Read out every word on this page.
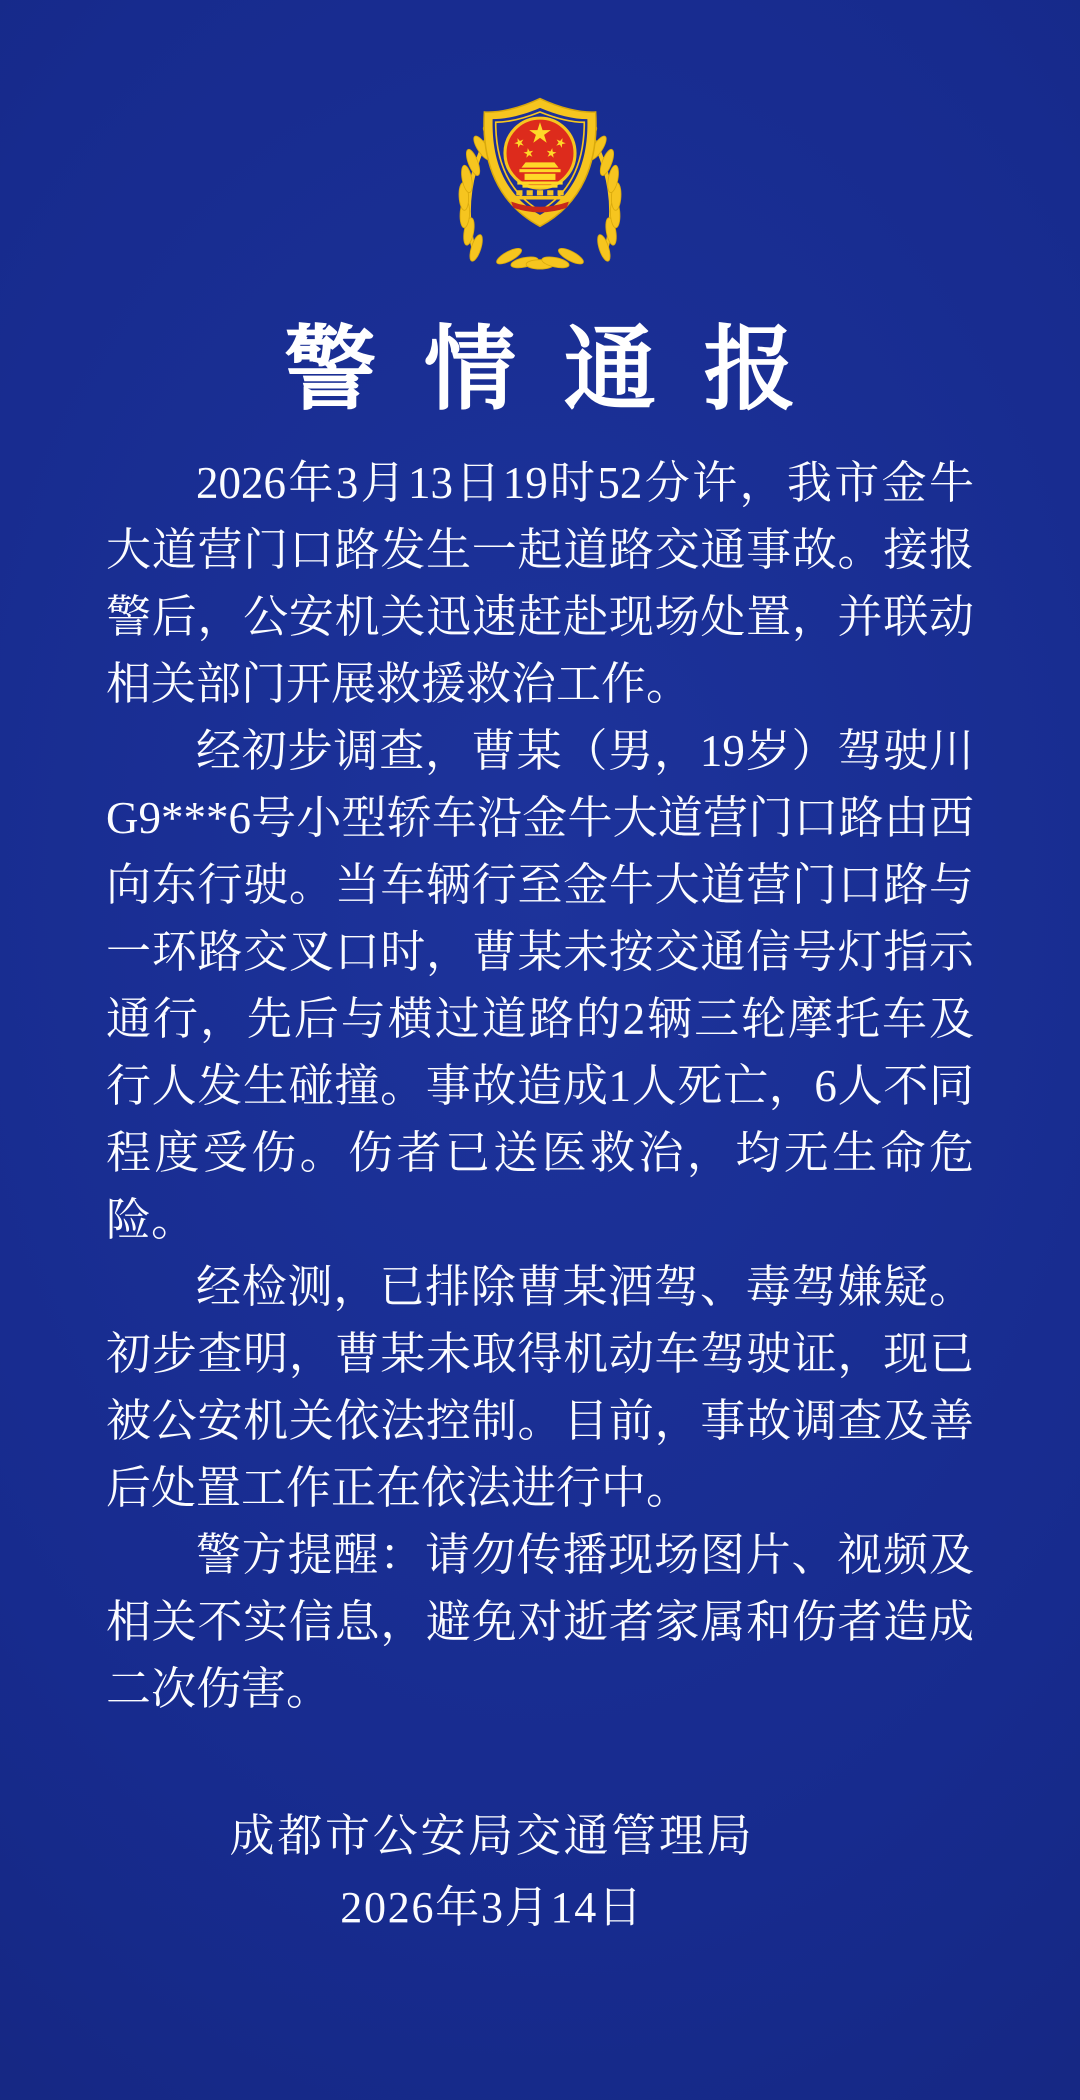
警情通报

2026年3月13日19时52分许，我市金牛大道营门口路发生一起道路交通事故。接报警后，公安机关迅速赶赴现场处置，并联动相关部门开展救援救治工作。

经初步调查，曹某（男，19岁）驾驶川G9***6号小型轿车沿金牛大道营门口路由西向东行驶。当车辆行至金牛大道营门口路与一环路交叉口时，曹某未按交通信号灯指示通行，先后与横过道路的2辆三轮摩托车及行人发生碰撞。事故造成1人死亡，6人不同程度受伤。伤者已送医救治，均无生命危险。

经检测，已排除曹某酒驾、毒驾嫌疑。初步查明，曹某未取得机动车驾驶证，现已被公安机关依法控制。目前，事故调查及善后处置工作正在依法进行中。

警方提醒：请勿传播现场图片、视频及相关不实信息，避免对逝者家属和伤者造成二次伤害。

成都市公安局交通管理局
2026年3月14日
